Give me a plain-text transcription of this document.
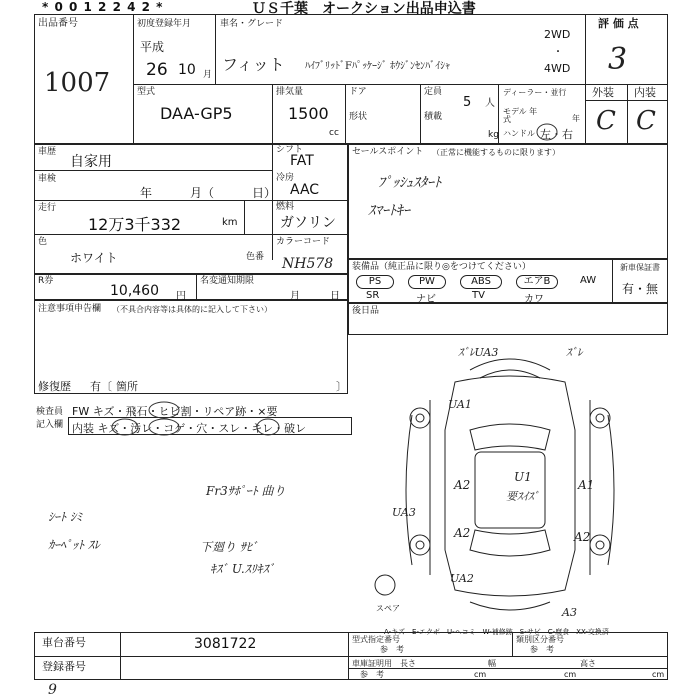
* 0 0 1 2 2 4 2 *	ＵＳ千葉　オークション出品申込書
出品番号
1007
初度登録年月
平成
26 10 月
車名・グレード
フィット ﾊｲﾌﾞﾘｯﾄﾞFﾊﾟｯｹｰｼﾞ ﾎｳｼﾞﾝｾﾝﾊﾞｲｼｬ
2WD
・
4WD
評 価 点
3
外装 内装
C C
型式
DAA-GP5
排気量
1500
cc
ドア
形状
定員
5 人
積載
kg
ディーラー・並行
モデル 年式	年
ハンドル 左・右
車歴
自家用
車検
年	月（	日）
走行
12万3千332	km
色
ホワイト
シフト
FAT
冷房
AAC
燃料
ガソリン
カラーコード
色番 NH578
セールスポイント （正常に機能するものに限ります）
ﾌﾟｯｼｭｽﾀｰﾄ
ｽﾏｰﾄｷｰ
装備品（純正品に限り◎をつけてください）
PS	PW	ABS	エアB	AW
SR	ナビ	TV	カワ
新車保証書
有・無
後日品
R券
10,460 円
名変通知期限
月	日
注意事項申告欄 （不具合内容等は具体的に記入して下さい）
修復歴 有〔 箇所	〕
検査員
記入欄
FW キズ・飛石・ヒビ割・リペア跡・×要
内装 キズ・汚レ・コゲ・穴・スレ・キレ・破レ
Fr3ｻﾎﾟｰﾄ 曲り
ｼｰﾄ ｼﾐ
ｶｰﾍﾟｯﾄ ｽﾚ	下廻り ｻﾋﾞ
ｷｽﾞ U.ｽﾘｷｽﾞ
ｽﾞﾚUA3	ｽﾞﾚ
UA1
A2	A1
U1
要ｽｲｽﾞ
UA3
A2
UA2
A2
A3
スペア
A-キズ　E-エクボ　U-ヘコミ　W-補修跡　S-サビ　C-腐食　XX-交換済
車台番号	3081722
登録番号
型式指定番号
参　考
類別区分番号
参　考
車庫証明用
参　考
長さ
cm
幅
cm
高さ
cm
9
